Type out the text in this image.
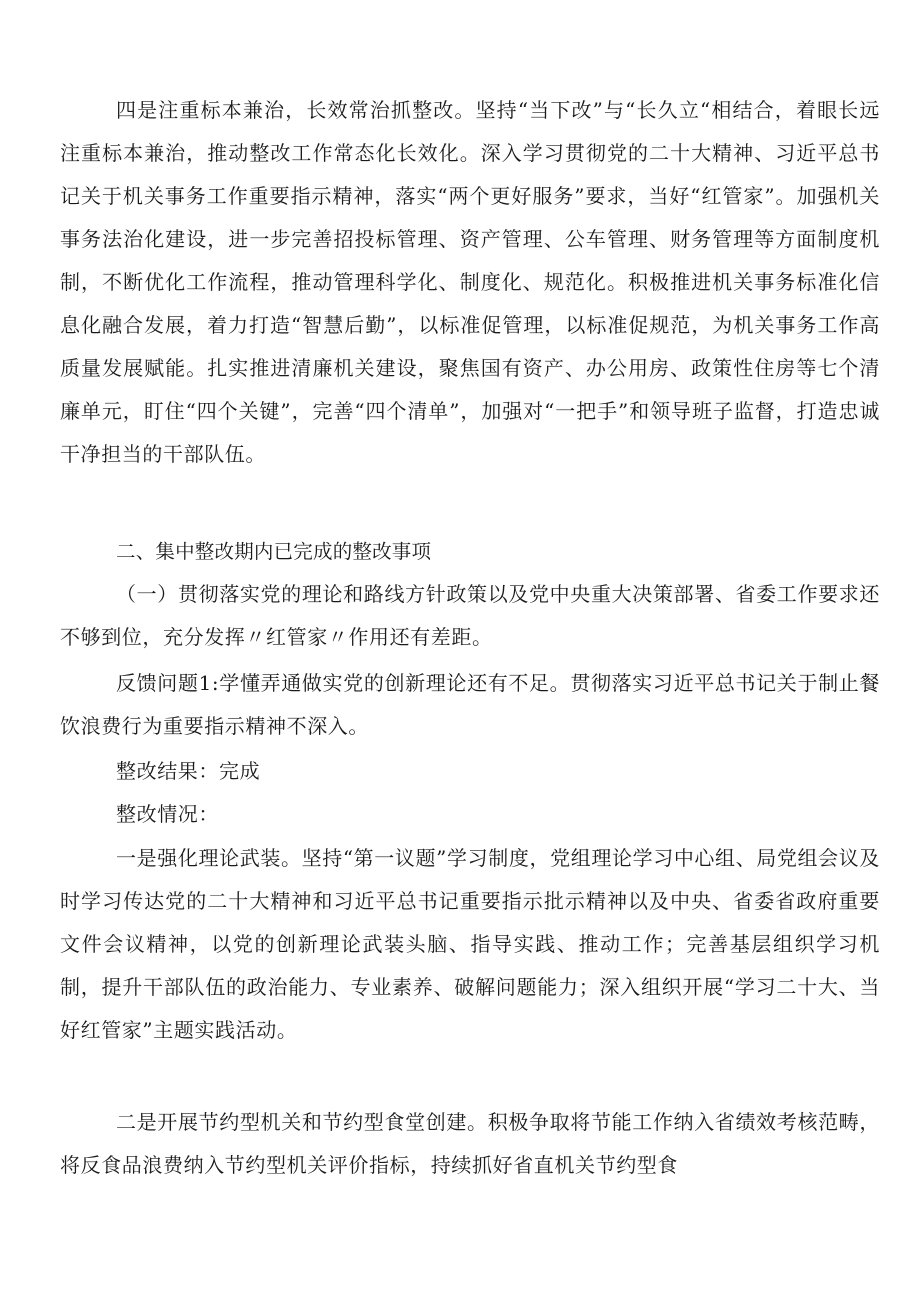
四是注重标本兼治，长效常治抓整改。坚持“当下改”与“长久立“相结合，着眼长远注重标本兼治，推动整改工作常态化长效化。深入学习贯彻党的二十大精神、习近平总书记关于机关事务工作重要指示精神，落实“两个更好服务”要求，当好“红管家”。加强机关事务法治化建设，进一步完善招投标管理、资产管理、公车管理、财务管理等方面制度机制，不断优化工作流程，推动管理科学化、制度化、规范化。积极推进机关事务标准化信息化融合发展，着力打造“智慧后勤”，以标准促管理，以标准促规范，为机关事务工作高质量发展赋能。扎实推进清廉机关建设，聚焦国有资产、办公用房、政策性住房等七个清廉单元，盯住“四个关键”，完善“四个清单”，加强对“一把手”和领导班子监督，打造忠诚干净担当的干部队伍。

二、集中整改期内已完成的整改事项

（一）贯彻落实党的理论和路线方针政策以及党中央重大决策部署、省委工作要求还不够到位，充分发挥〃红管家〃作用还有差距。

反馈问题1:学懂弄通做实党的创新理论还有不足。贯彻落实习近平总书记关于制止餐饮浪费行为重要指示精神不深入。

整改结果：完成

整改情况：

一是强化理论武装。坚持“第一议题”学习制度，党组理论学习中心组、局党组会议及时学习传达党的二十大精神和习近平总书记重要指示批示精神以及中央、省委省政府重要文件会议精神，以党的创新理论武装头脑、指导实践、推动工作；完善基层组织学习机制，提升干部队伍的政治能力、专业素养、破解问题能力；深入组织开展“学习二十大、当好红管家”主题实践活动。

二是开展节约型机关和节约型食堂创建。积极争取将节能工作纳入省绩效考核范畴，将反食品浪费纳入节约型机关评价指标，持续抓好省直机关节约型食
